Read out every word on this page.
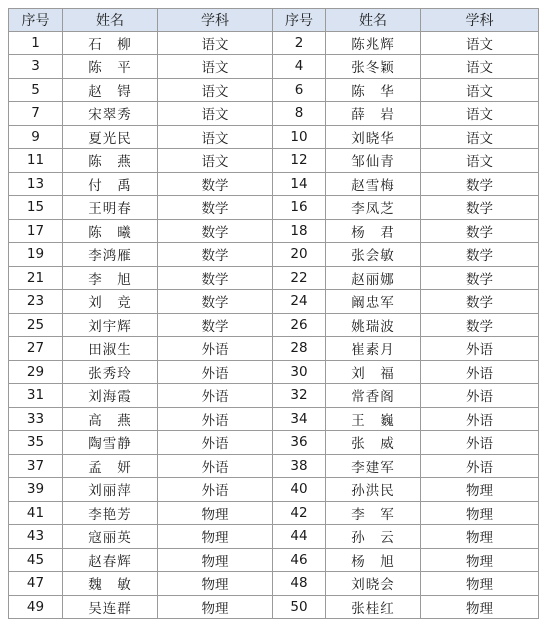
序号	姓名	学科	序号	姓名	学科
1	石　柳	语文	2	陈兆辉	语文
3	陈　平	语文	4	张冬颖	语文
5	赵　锝	语文	6	陈　华	语文
7	宋翠秀	语文	8	薛　岩	语文
9	夏光民	语文	10	刘晓华	语文
11	陈　燕	语文	12	邹仙青	语文
13	付　禹	数学	14	赵雪梅	数学
15	王明春	数学	16	李凤芝	数学
17	陈　曦	数学	18	杨　君	数学
19	李鸿雁	数学	20	张会敏	数学
21	李　旭	数学	22	赵丽娜	数学
23	刘　竞	数学	24	阚忠军	数学
25	刘宇辉	数学	26	姚瑞波	数学
27	田淑生	外语	28	崔素月	外语
29	张秀玲	外语	30	刘　福	外语
31	刘海霞	外语	32	常香阁	外语
33	高　燕	外语	34	王　巍	外语
35	陶雪静	外语	36	张　威	外语
37	孟　妍	外语	38	李建军	外语
39	刘丽萍	外语	40	孙洪民	物理
41	李艳芳	物理	42	李　军	物理
43	寇丽英	物理	44	孙　云	物理
45	赵春辉	物理	46	杨　旭	物理
47	魏　敏	物理	48	刘晓会	物理
49	吴连群	物理	50	张桂红	物理
